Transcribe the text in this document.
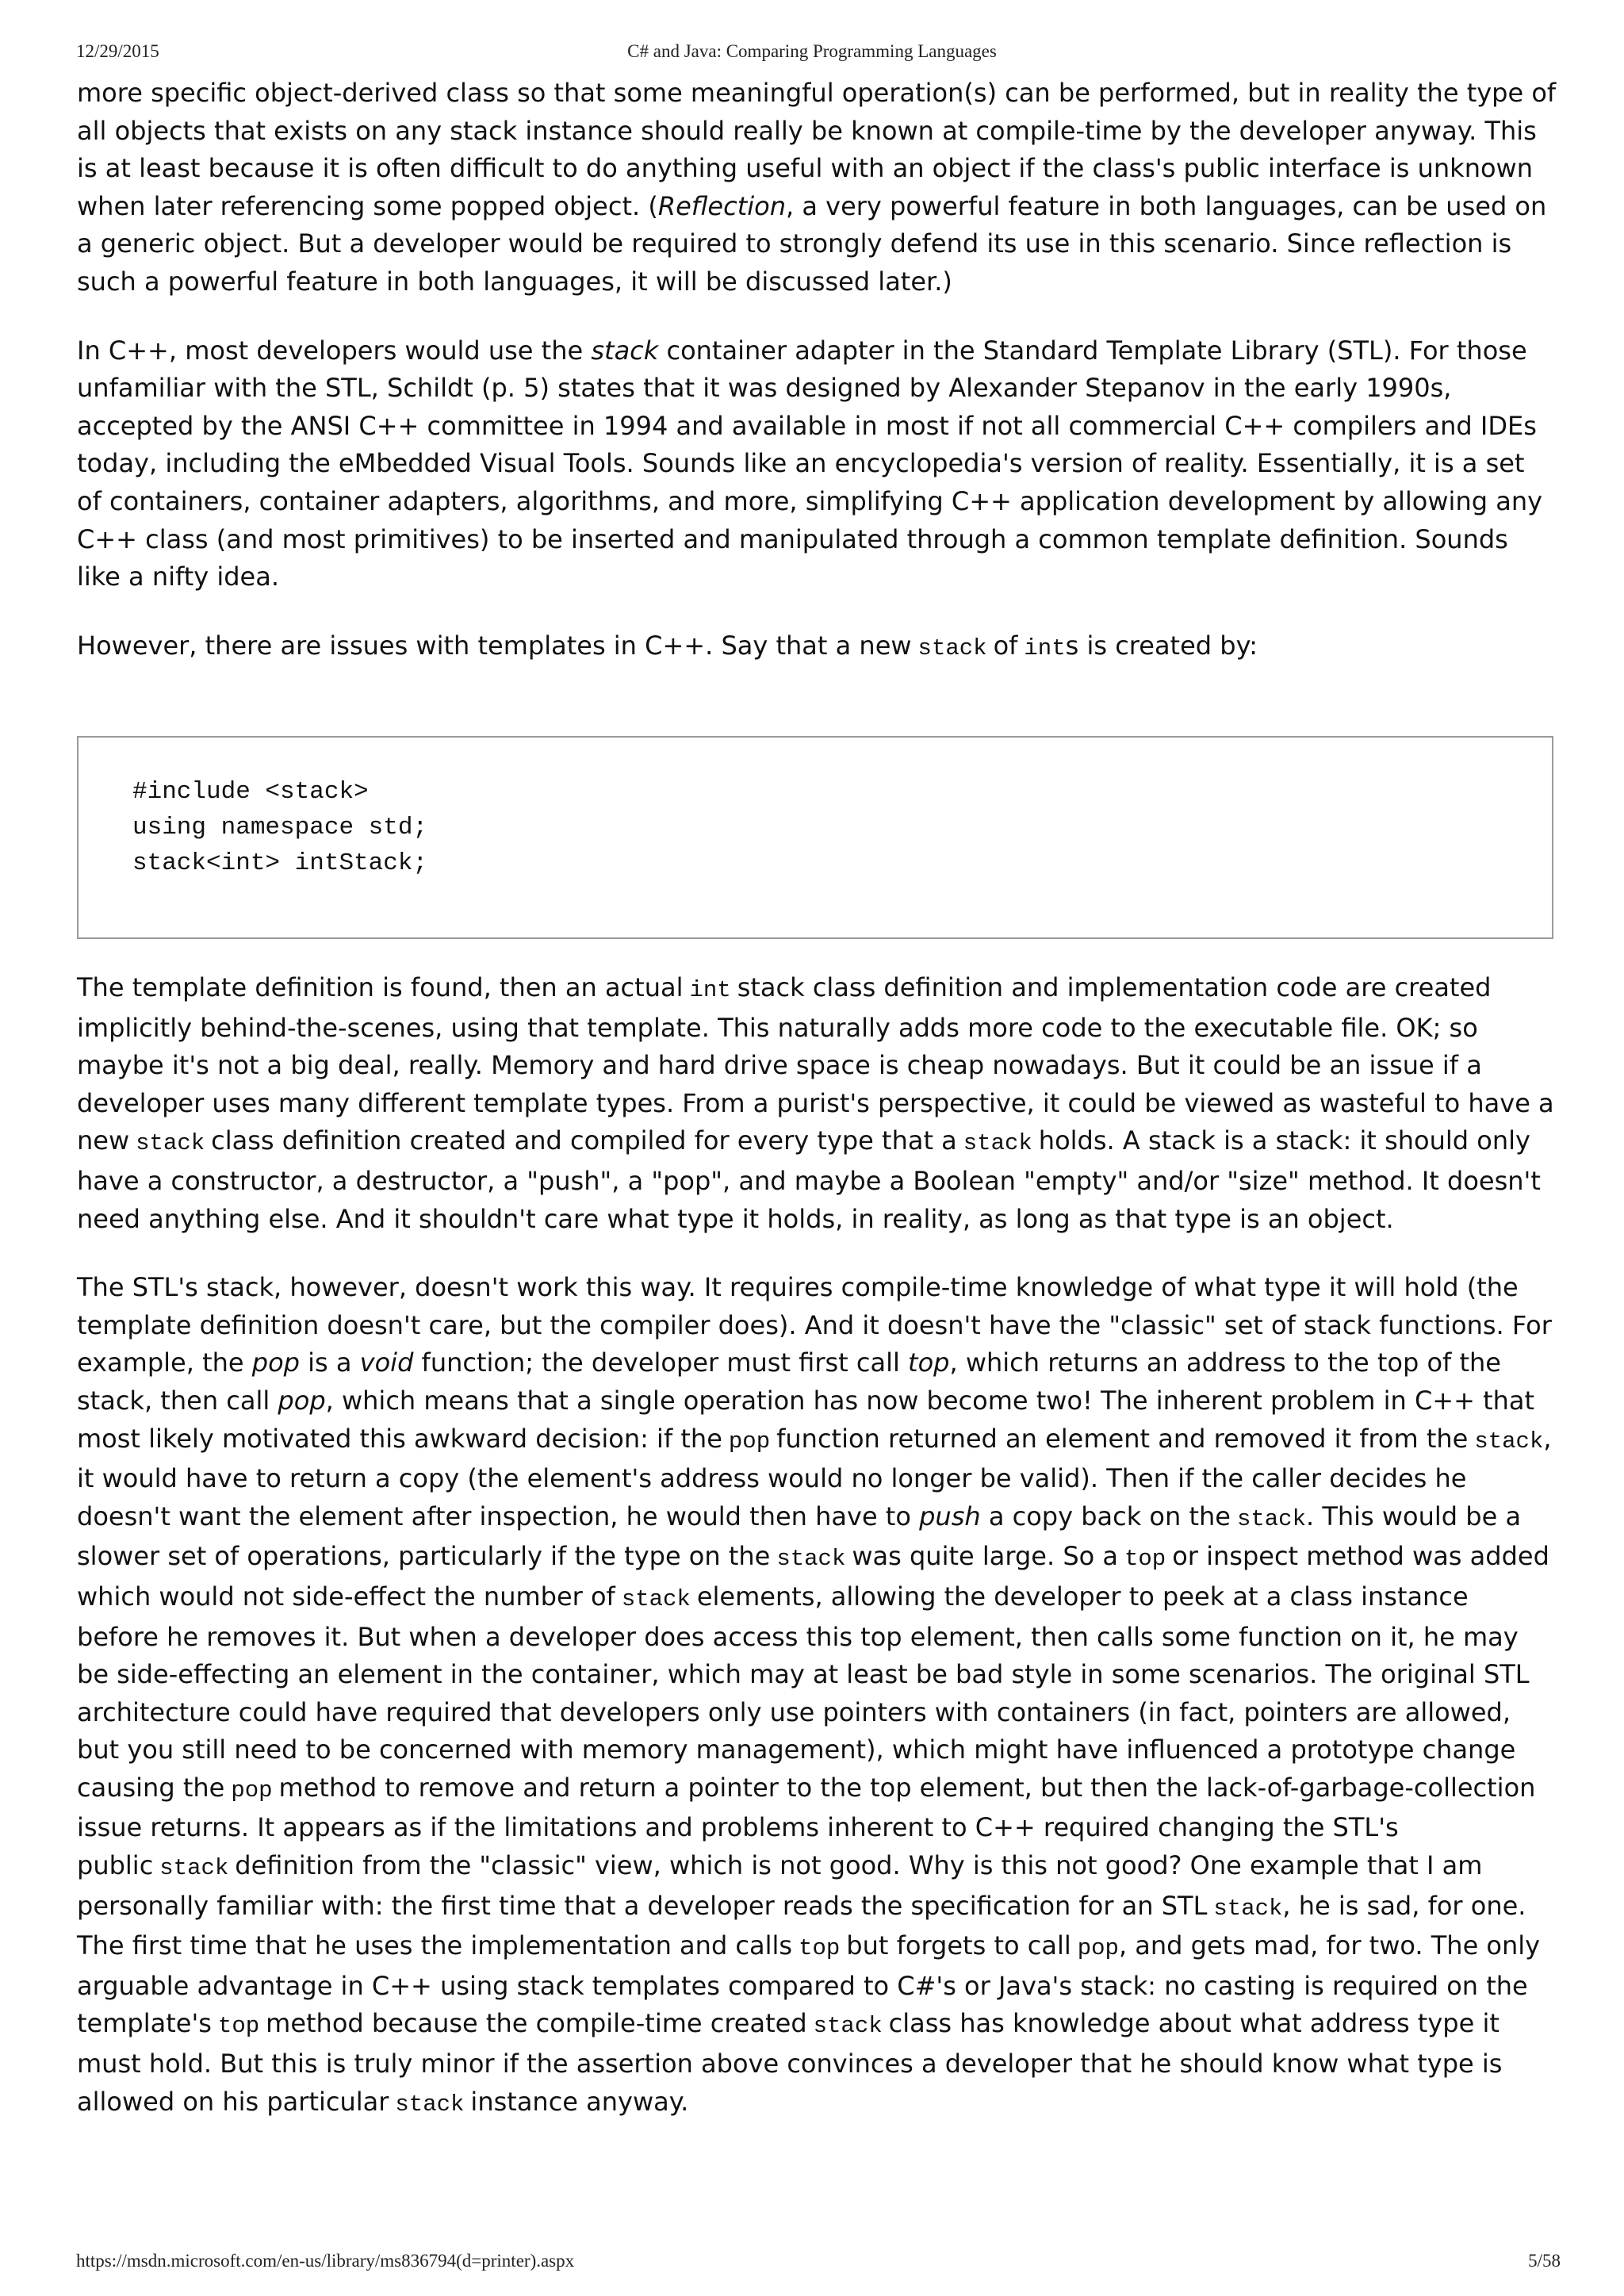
12/29/2015	C# and Java: Comparing Programming Languages

more specific object-derived class so that some meaningful operation(s) can be performed, but in reality the type of all objects that exists on any stack instance should really be known at compile-time by the developer anyway. This is at least because it is often difficult to do anything useful with an object if the class's public interface is unknown when later referencing some popped object. (Reflection, a very powerful feature in both languages, can be used on a generic object. But a developer would be required to strongly defend its use in this scenario. Since reflection is such a powerful feature in both languages, it will be discussed later.)

In C++, most developers would use the stack container adapter in the Standard Template Library (STL). For those unfamiliar with the STL, Schildt (p. 5) states that it was designed by Alexander Stepanov in the early 1990s, accepted by the ANSI C++ committee in 1994 and available in most if not all commercial C++ compilers and IDEs today, including the eMbedded Visual Tools. Sounds like an encyclopedia's version of reality. Essentially, it is a set of containers, container adapters, algorithms, and more, simplifying C++ application development by allowing any C++ class (and most primitives) to be inserted and manipulated through a common template definition. Sounds like a nifty idea.

However, there are issues with templates in C++. Say that a new stack of ints is created by:

#include <stack>
using namespace std;
stack<int> intStack;

The template definition is found, then an actual int stack class definition and implementation code are created implicitly behind-the-scenes, using that template. This naturally adds more code to the executable file. OK; so maybe it's not a big deal, really. Memory and hard drive space is cheap nowadays. But it could be an issue if a developer uses many different template types. From a purist's perspective, it could be viewed as wasteful to have a new stack class definition created and compiled for every type that a stack holds. A stack is a stack: it should only have a constructor, a destructor, a "push", a "pop", and maybe a Boolean "empty" and/or "size" method. It doesn't need anything else. And it shouldn't care what type it holds, in reality, as long as that type is an object.

The STL's stack, however, doesn't work this way. It requires compile-time knowledge of what type it will hold (the template definition doesn't care, but the compiler does). And it doesn't have the "classic" set of stack functions. For example, the pop is a void function; the developer must first call top, which returns an address to the top of the stack, then call pop, which means that a single operation has now become two! The inherent problem in C++ that most likely motivated this awkward decision: if the pop function returned an element and removed it from the stack, it would have to return a copy (the element's address would no longer be valid). Then if the caller decides he doesn't want the element after inspection, he would then have to push a copy back on the stack. This would be a slower set of operations, particularly if the type on the stack was quite large. So a top or inspect method was added which would not side-effect the number of stack elements, allowing the developer to peek at a class instance before he removes it. But when a developer does access this top element, then calls some function on it, he may be side-effecting an element in the container, which may at least be bad style in some scenarios. The original STL architecture could have required that developers only use pointers with containers (in fact, pointers are allowed, but you still need to be concerned with memory management), which might have influenced a prototype change causing the pop method to remove and return a pointer to the top element, but then the lack-of-garbage-collection issue returns. It appears as if the limitations and problems inherent to C++ required changing the STL's public stack definition from the "classic" view, which is not good. Why is this not good? One example that I am personally familiar with: the first time that a developer reads the specification for an STL stack, he is sad, for one. The first time that he uses the implementation and calls top but forgets to call pop, and gets mad, for two. The only arguable advantage in C++ using stack templates compared to C#'s or Java's stack: no casting is required on the template's top method because the compile-time created stack class has knowledge about what address type it must hold. But this is truly minor if the assertion above convinces a developer that he should know what type is allowed on his particular stack instance anyway.

https://msdn.microsoft.com/en-us/library/ms836794(d=printer).aspx	5/58
